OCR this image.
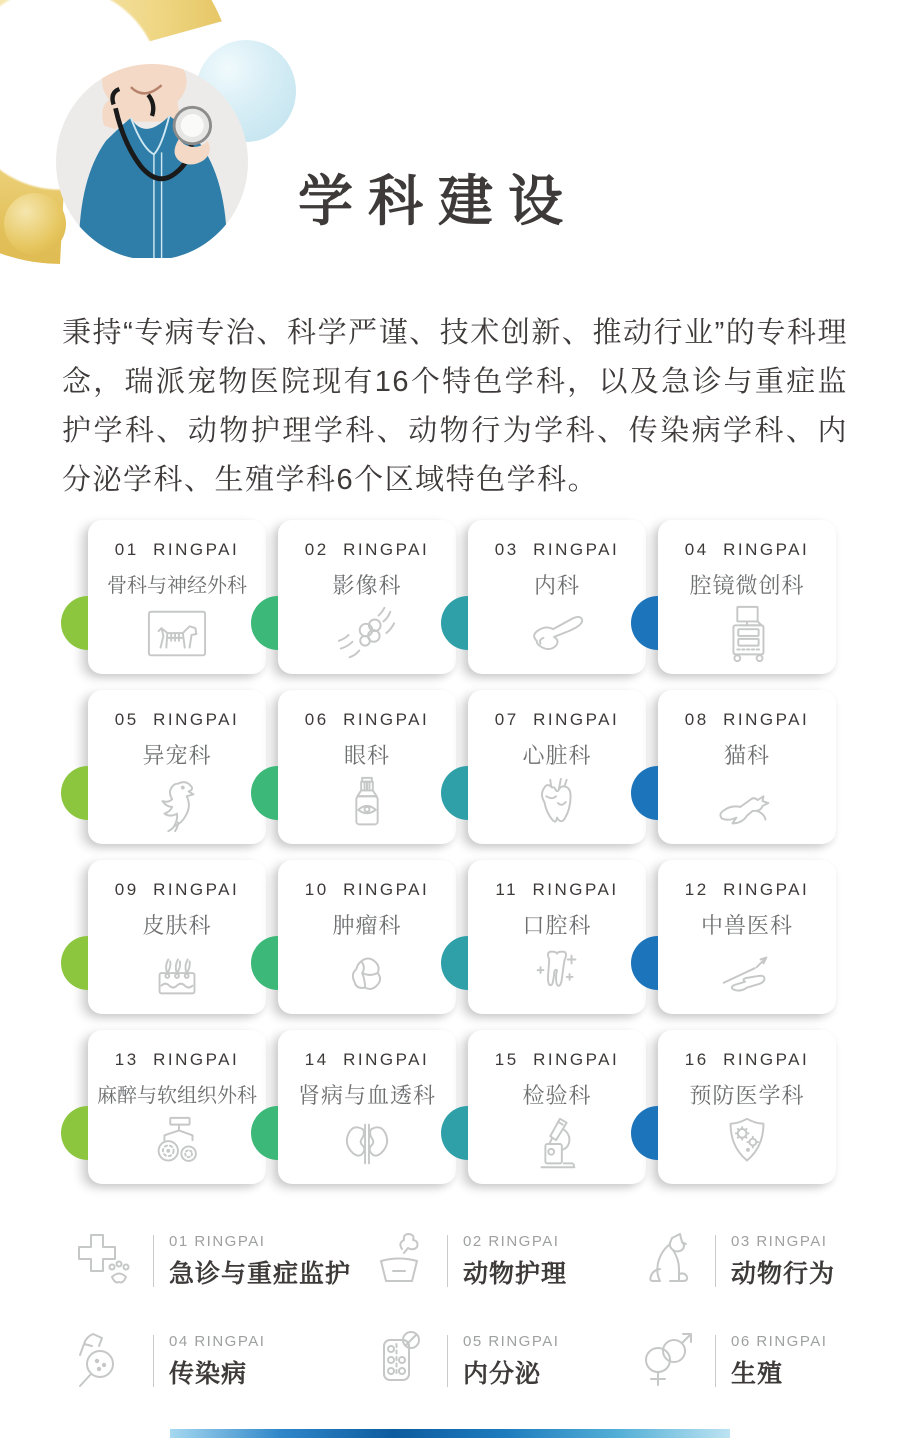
学科建设

秉持“专病专治、科学严谨、技术创新、推动行业”的专科理念，瑞派宠物医院现有16个特色学科，以及急诊与重症监护学科、动物护理学科、动物行为学科、传染病学科、内分泌学科、生殖学科6个区域特色学科。

01  RINGPAI
骨科与神经外科
02  RINGPAI
影像科
03  RINGPAI
内科
04  RINGPAI
腔镜微创科
05  RINGPAI
异宠科
06  RINGPAI
眼科
07  RINGPAI
心脏科
08  RINGPAI
猫科
09  RINGPAI
皮肤科
10  RINGPAI
肿瘤科
11  RINGPAI
口腔科
12  RINGPAI
中兽医科
13  RINGPAI
麻醉与软组织外科
14  RINGPAI
肾病与血透科
15  RINGPAI
检验科
16  RINGPAI
预防医学科
01 RINGPAI
急诊与重症监护
02 RINGPAI
动物护理
03 RINGPAI
动物行为
04 RINGPAI
传染病
05 RINGPAI
内分泌
06 RINGPAI
生殖
